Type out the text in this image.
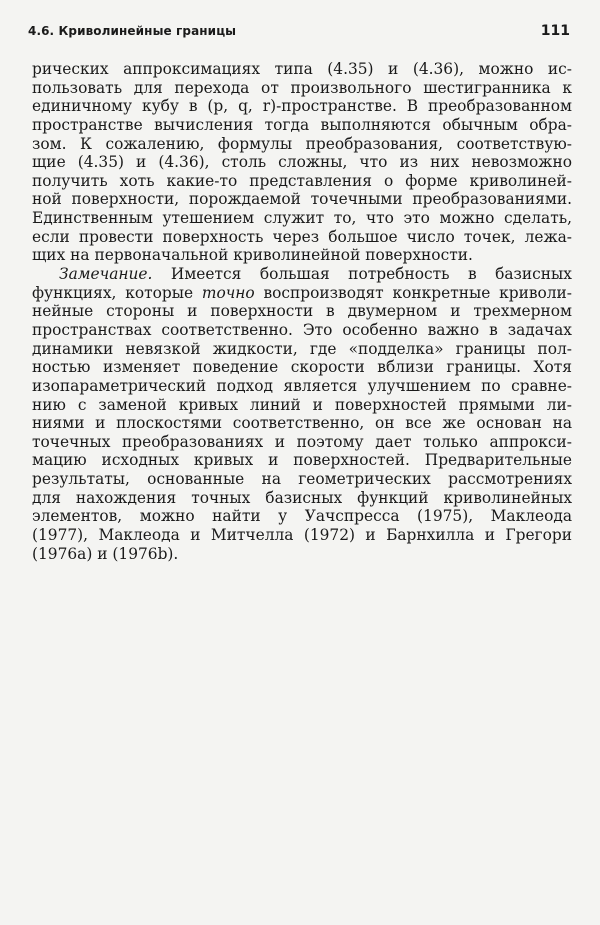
4.6. Криволинейные границы	111
рических аппроксимациях типа (4.35) и (4.36), можно ис-
пользовать для перехода от произвольного шестигранника к
единичному кубу в (p, q, r)-пространстве. В преобразованном
пространстве вычисления тогда выполняются обычным обра-
зом. К сожалению, формулы преобразования, соответствую-
щие (4.35) и (4.36), столь сложны, что из них невозможно
получить хоть какие-то представления о форме криволиней-
ной поверхности, порождаемой точечными преобразованиями.
Единственным утешением служит то, что это можно сделать,
если провести поверхность через большое число точек, лежа-
щих на первоначальной криволинейной поверхности.
Замечание. Имеется большая потребность в базисных
функциях, которые точно воспроизводят конкретные криволи-
нейные стороны и поверхности в двумерном и трехмерном
пространствах соответственно. Это особенно важно в задачах
динамики невязкой жидкости, где «подделка» границы пол-
ностью изменяет поведение скорости вблизи границы. Хотя
изопараметрический подход является улучшением по сравне-
нию с заменой кривых линий и поверхностей прямыми ли-
ниями и плоскостями соответственно, он все же основан на
точечных преобразованиях и поэтому дает только аппрокси-
мацию исходных кривых и поверхностей. Предварительные
результаты, основанные на геометрических рассмотрениях
для нахождения точных базисных функций криволинейных
элементов, можно найти у Уачспресса (1975), Маклеода
(1977), Маклеода и Митчелла (1972) и Барнхилла и Грегори
(1976а) и (1976b).
